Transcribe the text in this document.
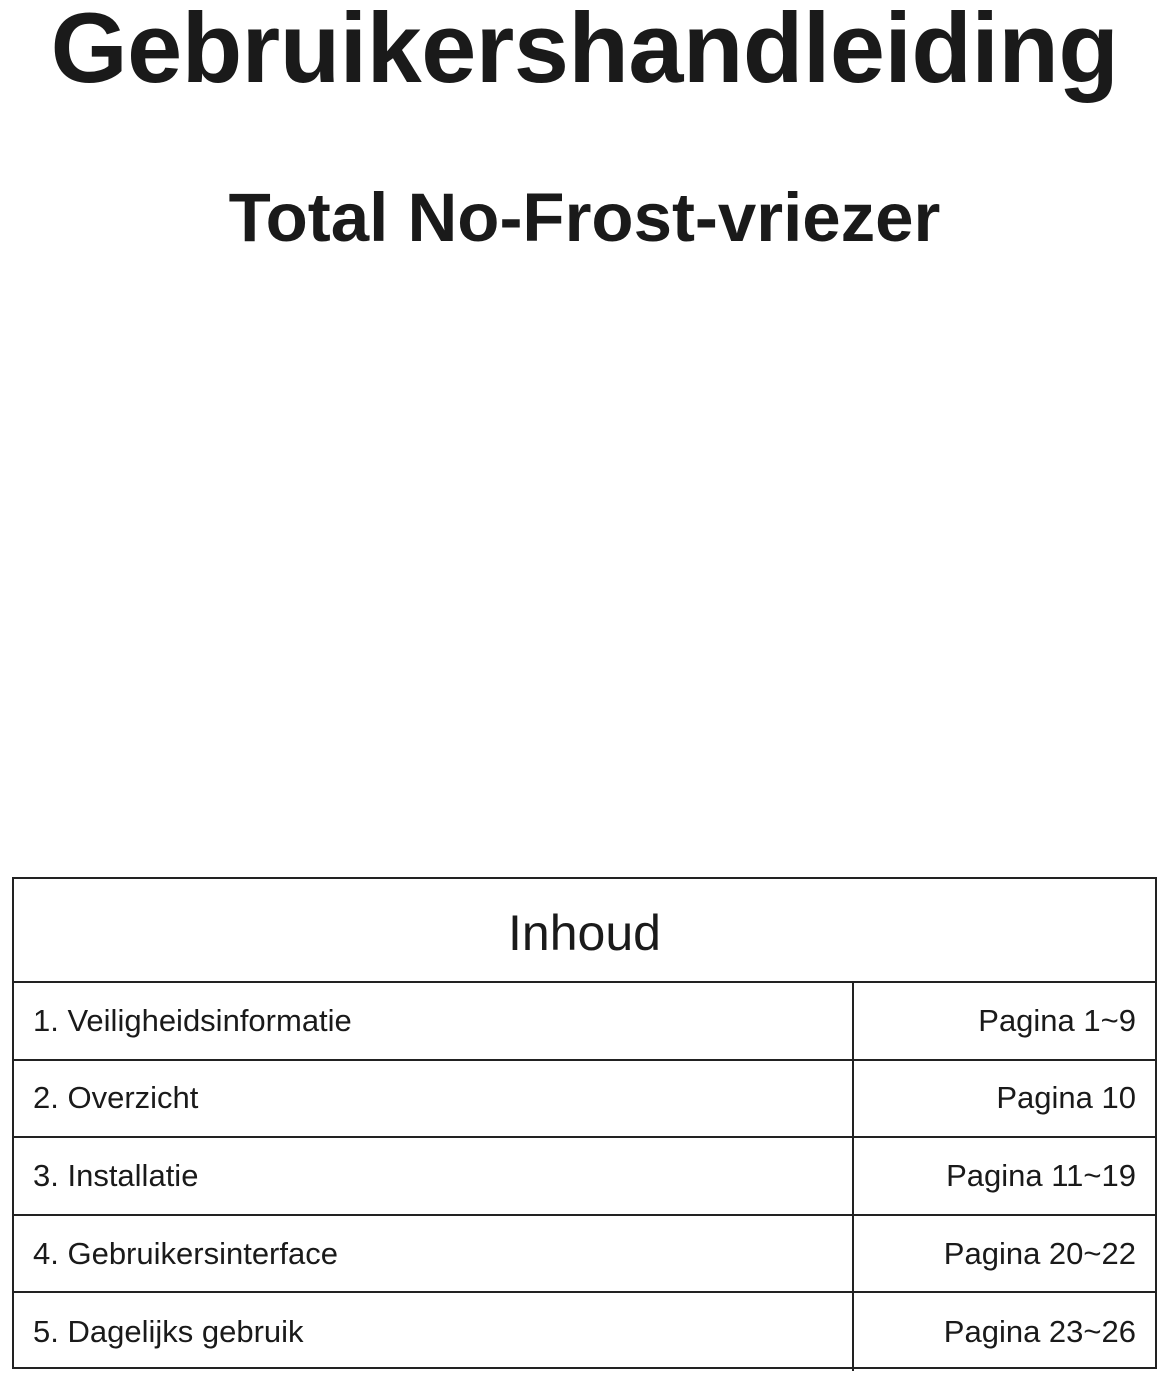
Gebruikershandleiding
Total No-Frost-vriezer
Inhoud
1. Veiligheidsinformatie	Pagina 1~9
2. Overzicht	Pagina 10
3. Installatie	Pagina 11~19
4. Gebruikersinterface	Pagina 20~22
5. Dagelijks gebruik	Pagina 23~26
